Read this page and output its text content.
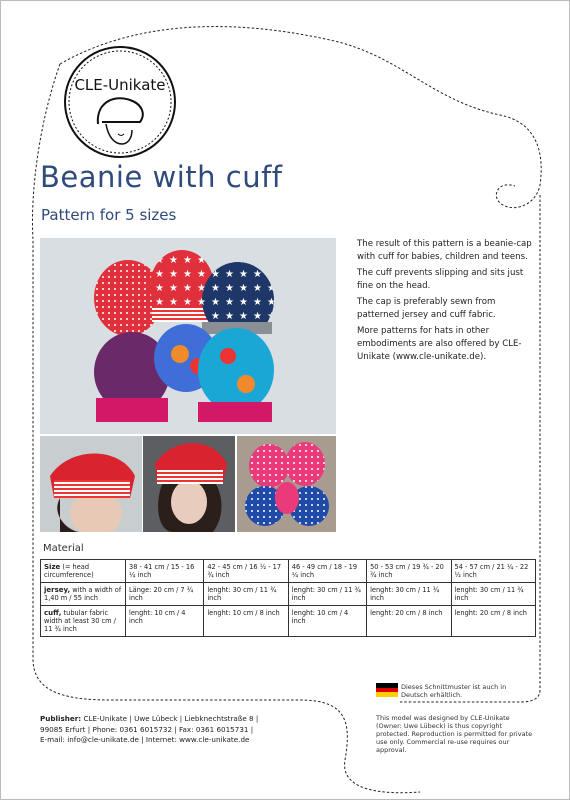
CLE-Unikate
Beanie with cuff
Pattern for 5 sizes

The result of this pattern is a beanie-cap with cuff for babies, children and teens.

The cuff prevents slipping and sits just fine on the head.

The cap is preferably sewn from patterned jersey and cuff fabric.

More patterns for hats in other embodiments are also offered by CLE-Unikate (www.cle-unikate.de).

Material
Size (= head circumference)	38 - 41 cm / 15 - 16 ¼ inch	42 - 45 cm / 16 ½ - 17 ¾ inch	46 - 49 cm / 18 - 19 ¼ inch	50 - 53 cm / 19 ¾ - 20 ¾ inch	54 - 57 cm / 21 ¼ - 22 ½ inch
jersey, with a width of 1,40 m / 55 inch	Länge: 20 cm / 7 ¾ inch	lenght: 30 cm / 11 ¾ inch	lenght: 30 cm / 11 ¾ inch	lenght: 30 cm / 11 ¾ inch	lenght: 30 cm / 11 ¾ inch
cuff, tubular fabric width at least 30 cm / 11 ¾ inch	lenght: 10 cm / 4 inch	lenght: 10 cm / 8 inch	lenght: 10 cm / 4 inch	lenght: 20 cm / 8 inch	lenght: 20 cm / 8 inch
Dieses Schnittmuster ist auch in Deutsch erhältlich.
Publisher: CLE-Unikate | Uwe Lübeck | Liebknechtstraße 8 |
99085 Erfurt | Phone: 0361 6015732 | Fax: 0361 6015731 |
E-mail: info@cle-unikate.de | Internet: www.cle-unikate.de
This model was designed by CLE-Unikate (Owner: Uwe Lübeck) is thus copyright protected. Reproduction is permitted for private use only. Commercial re-use requires our approval.
